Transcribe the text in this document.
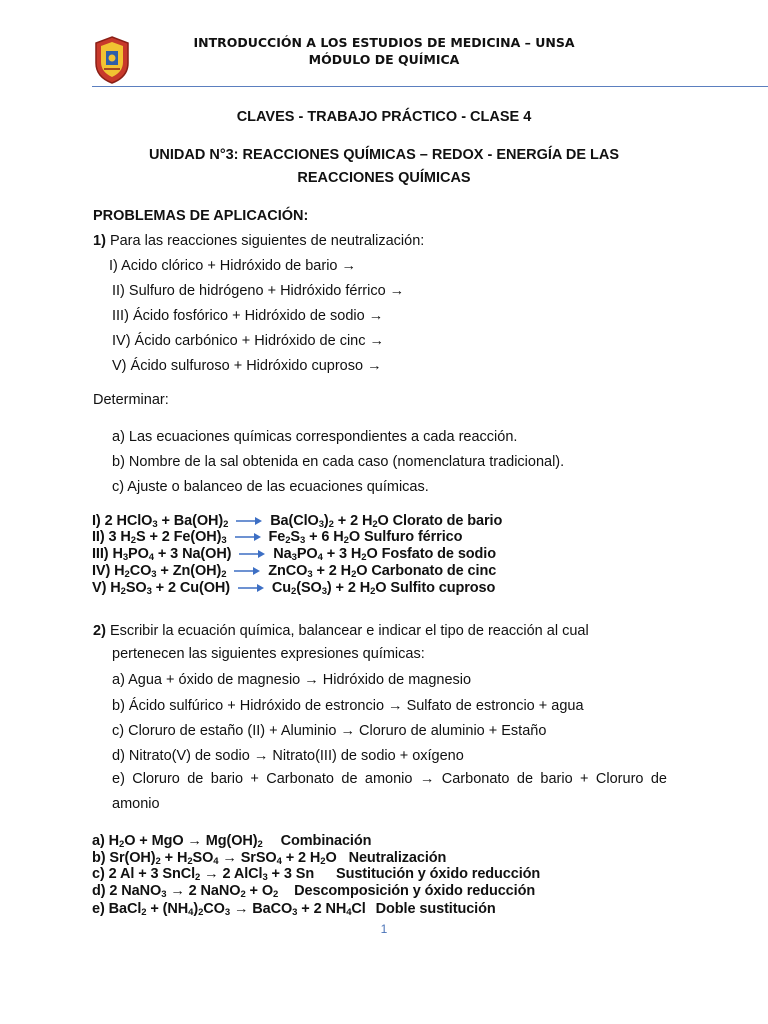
INTRODUCCIÓN A LOS ESTUDIOS DE MEDICINA – UNSA
MÓDULO DE QUÍMICA
CLAVES - TRABAJO PRÁCTICO - CLASE 4
UNIDAD N°3: REACCIONES QUÍMICAS – REDOX - ENERGÍA DE LAS
REACCIONES QUÍMICAS
PROBLEMAS DE APLICACIÓN:
1) Para las reacciones siguientes de neutralización:
I) Acido clórico + Hidróxido de bario →
II) Sulfuro de hidrógeno + Hidróxido férrico →
III) Ácido fosfórico + Hidróxido de sodio →
IV) Ácido carbónico + Hidróxido de cinc →
V) Ácido sulfuroso + Hidróxido cuproso →
Determinar:
a) Las ecuaciones químicas correspondientes a cada reacción.
b) Nombre de la sal obtenida en cada caso (nomenclatura tradicional).
c) Ajuste o balanceo de las ecuaciones químicas.
I) 2 HClO$_3$ + $Ba(OH)_2 \to Ba(ClO_3)_2 + 2$ $H_2O$ Clorato de bario
II) 3 $H_2S + 2$ $Fe(OH)_3 \to Fe_2S_3 + 6$ $H_2O$ Sulfuro férrico
III) $H_3PO_4 + 3$ $Na(OH) \to Na_3PO_4 + 3$ $H_2O$ Fosfato de sodio
IV) $H_2CO_3 + Zn(OH)_2$ → ZnCO$_3$ + 2 $H_2O$ Carbonato de cinc
V) $H_2SO_3 + 2$ $Cu(OH) \to Cu_2(SO_3) + 2$ $H_2O$ Sulfito cuproso
2) Escribir la ecuación química, balancear e indicar el tipo de reacción al cual
pertenecen las siguientes expresiones químicas:
a) Agua + óxido de magnesio → Hidróxido de magnesio
b) Ácido sulfúrico + Hidróxido de estroncio → Sulfato de estroncio + agua
c) Cloruro de estaño (II) + Aluminio → Cloruro de aluminio + Estaño
d) Nitrato(V) de sodio → Nitrato(III) de sodio + oxígeno
e) Cloruro de bario + Carbonato de amonio → Carbonato de bario + Cloruro de amonio
a) $H_2O$ + MgO → $Mg(OH)_2$ Combinación
b) $Sr(OH)_2 + H_2SO_4$ → SrSO$_4$ + 2 $H_2O$ Neutralización
c) 2 Al + 3 SnCl$_2$ → 2 AlCl$_3$ + 3 Sn Sustitución y óxido reducción
d) 2 NaNO$_3$ → 2 NaNO$_2$ + $O_2$ Descomposición y óxido reducción
e) BaCl$_2$ + $(NH_4)_2CO_3$ → BaCO$_3$ + 2 $NH_4Cl$ Doble sustitución
1
